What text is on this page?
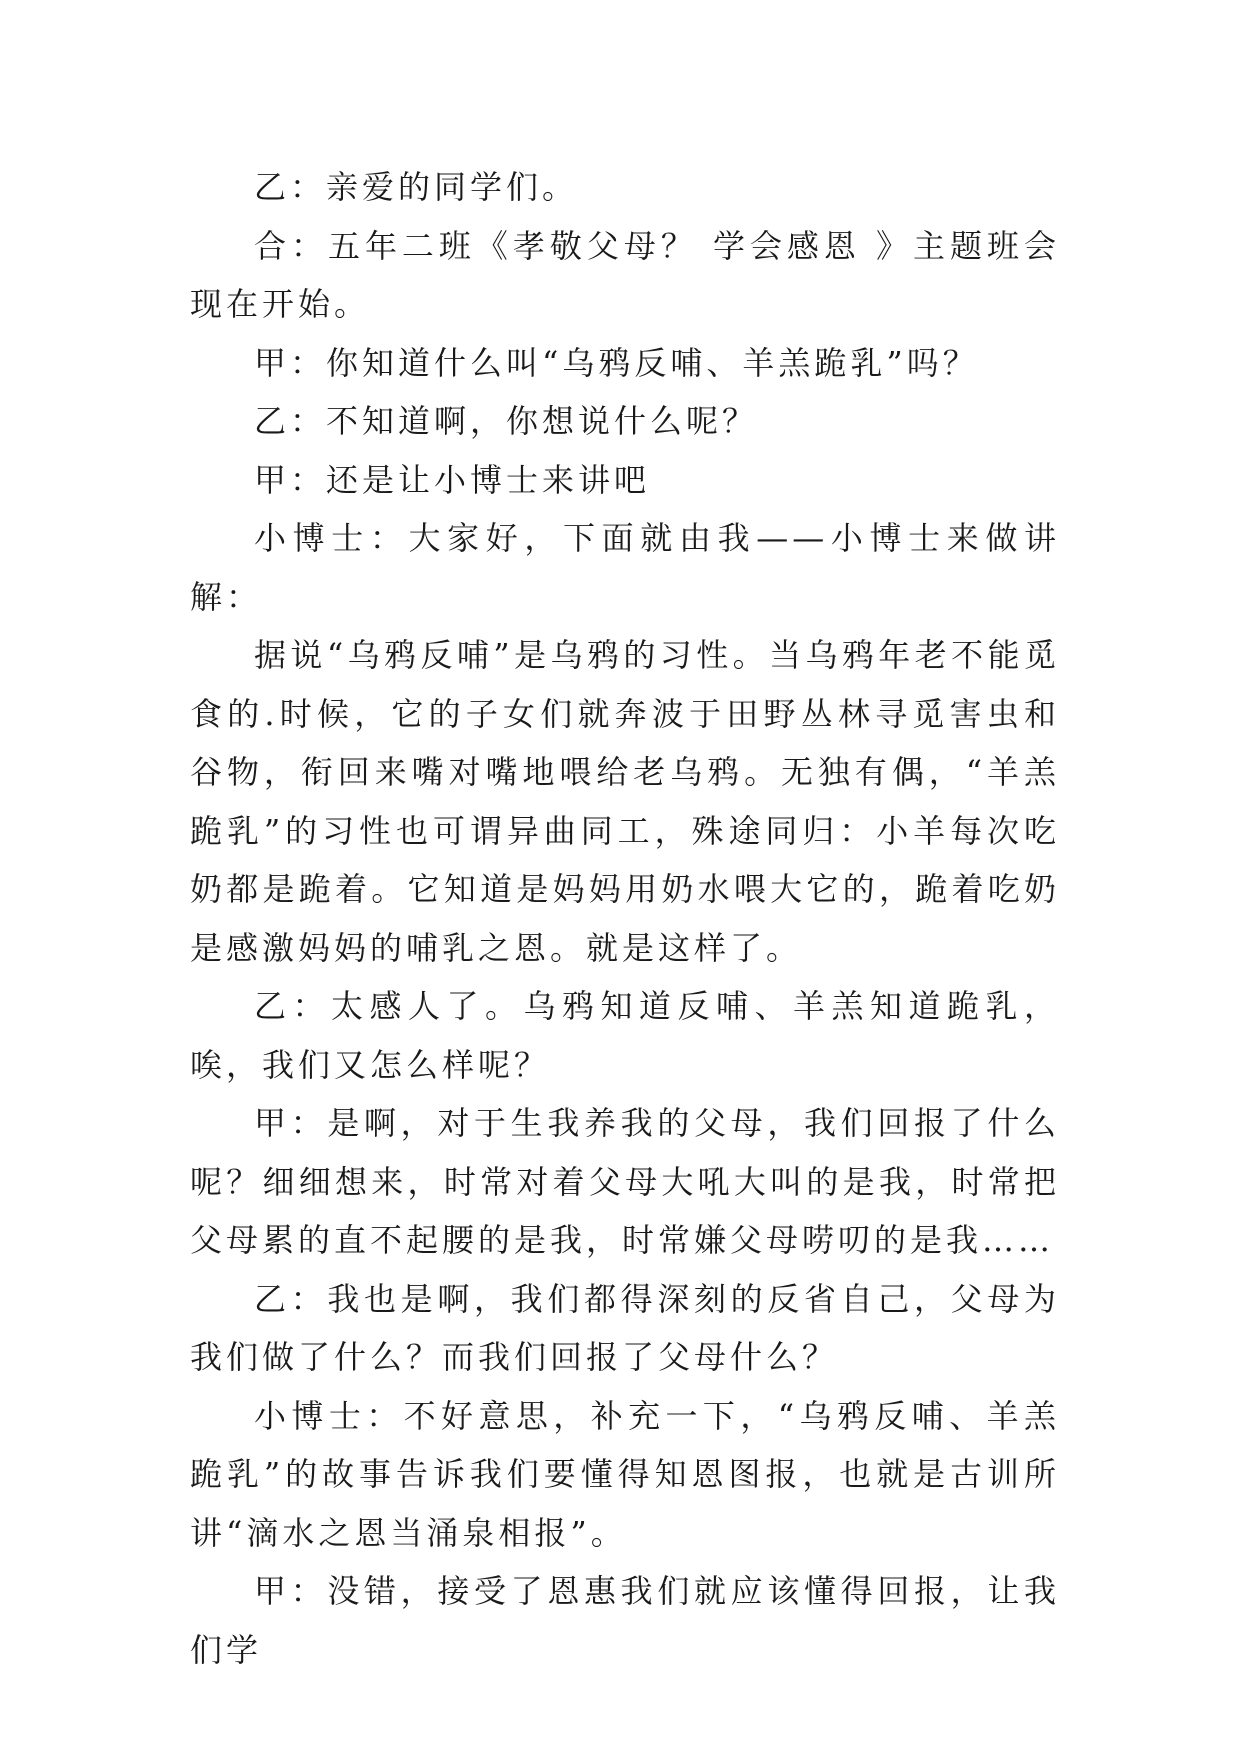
乙：亲爱的同学们。

合：五年二班《孝敬父母？ 学会感恩 》主题班会现在开始。

甲：你知道什么叫“乌鸦反哺、羊羔跪乳”吗？

乙：不知道啊，你想说什么呢？

甲：还是让小博士来讲吧

小博士：大家好，下面就由我——小博士来做讲解：

据说“乌鸦反哺”是乌鸦的习性。当乌鸦年老不能觅食的.时候，它的子女们就奔波于田野丛林寻觅害虫和谷物，衔回来嘴对嘴地喂给老乌鸦。无独有偶，“羊羔跪乳”的习性也可谓异曲同工，殊途同归：小羊每次吃奶都是跪着。它知道是妈妈用奶水喂大它的，跪着吃奶是感激妈妈的哺乳之恩。就是这样了。

乙：太感人了。乌鸦知道反哺、羊羔知道跪乳，唉，我们又怎么样呢？

甲：是啊，对于生我养我的父母，我们回报了什么呢？细细想来，时常对着父母大吼大叫的是我，时常把父母累的直不起腰的是我，时常嫌父母唠叨的是我……

乙：我也是啊，我们都得深刻的反省自己，父母为我们做了什么？而我们回报了父母什么？

小博士：不好意思，补充一下，“乌鸦反哺、羊羔跪乳”的故事告诉我们要懂得知恩图报，也就是古训所讲“滴水之恩当涌泉相报”。

甲：没错，接受了恩惠我们就应该懂得回报，让我们学
